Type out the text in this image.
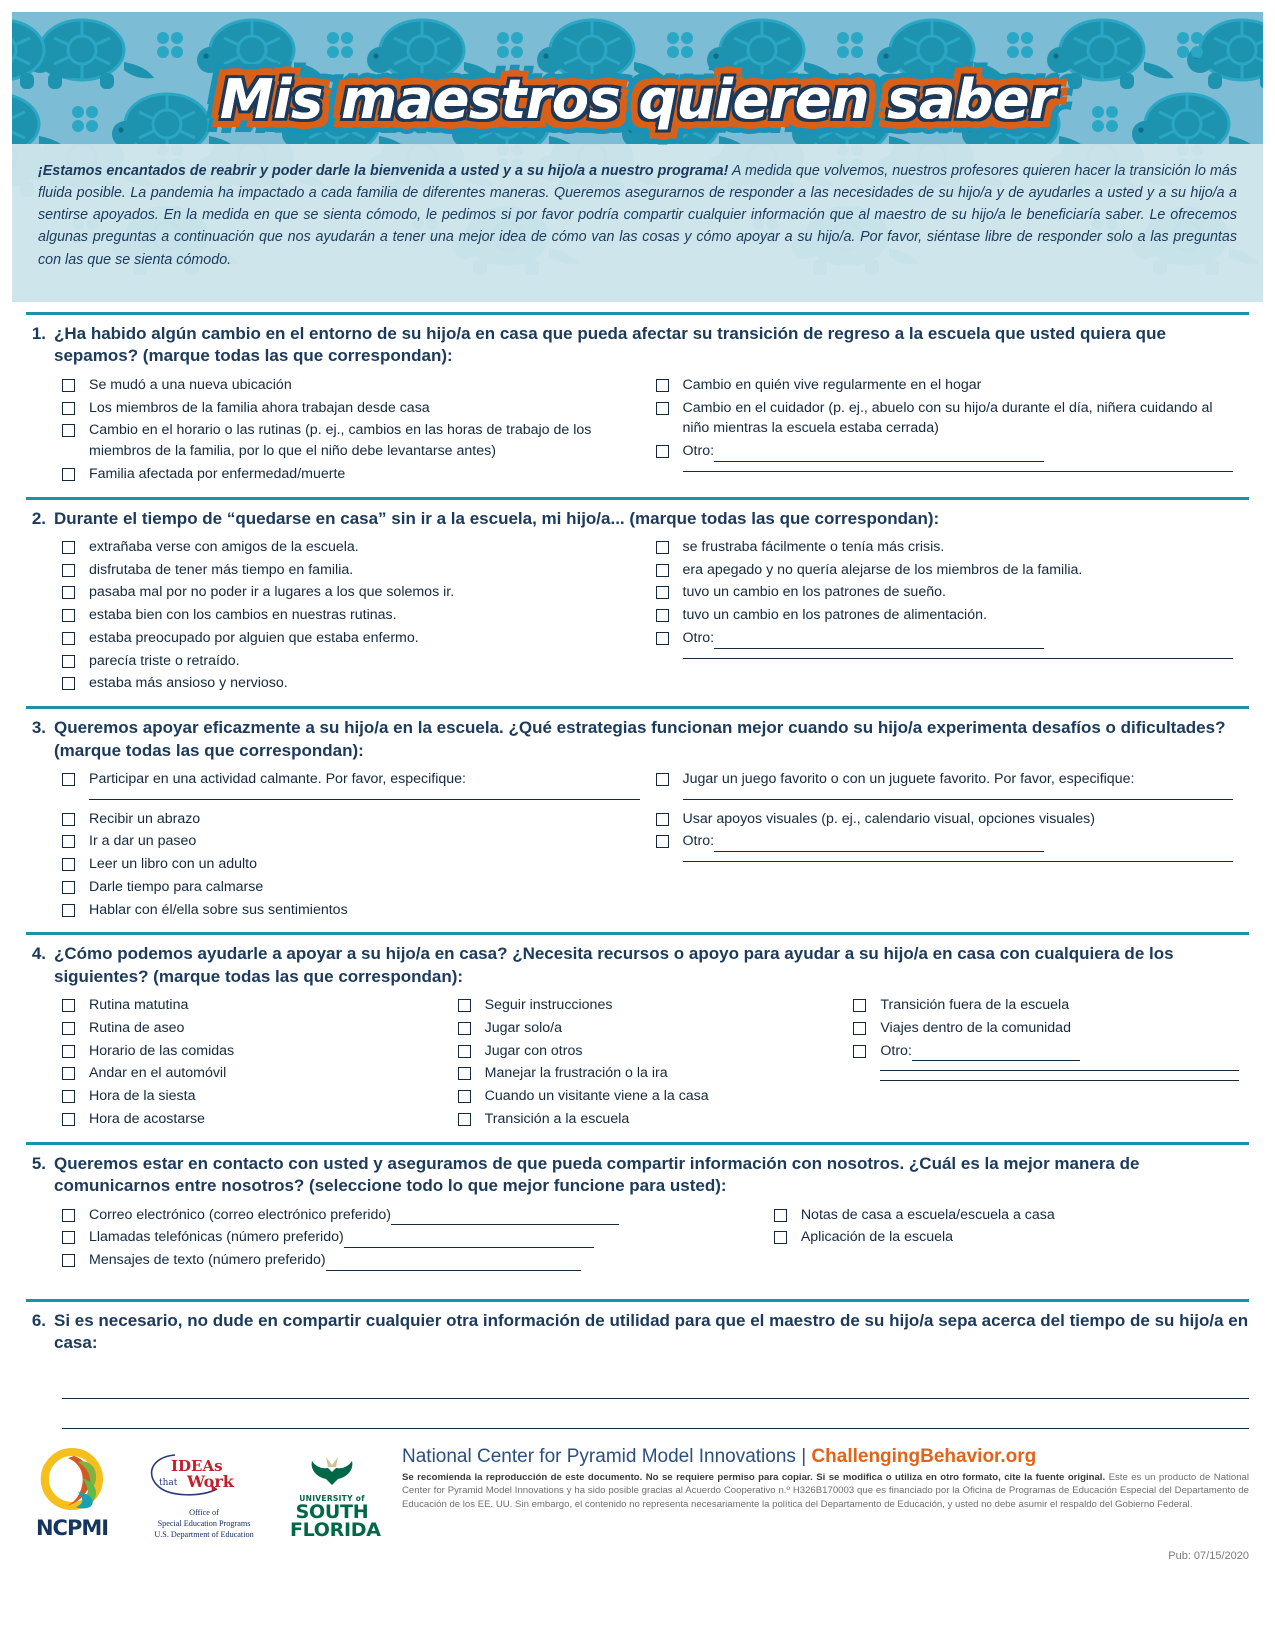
¡Estamos encantados de reabrir y poder darle la bienvenida a usted y a su hijo/a a nuestro programa! A medida que volvemos, nuestros profesores quieren hacer la transición lo más fluida posible. La pandemia ha impactado a cada familia de diferentes maneras. Queremos asegurarnos de responder a las necesidades de su hijo/a y de ayudarles a usted y a su hijo/a a sentirse apoyados. En la medida en que se sienta cómodo, le pedimos si por favor podría compartir cualquier información que al maestro de su hijo/a le beneficiaría saber. Le ofrecemos algunas preguntas a continuación que nos ayudarán a tener una mejor idea de cómo van las cosas y cómo apoyar a su hijo/a. Por favor, siéntase libre de responder solo a las preguntas con las que se sienta cómodo.
Mis maestros quieren saber
1. ¿Ha habido algún cambio en el entorno de su hijo/a en casa que pueda afectar su transición de regreso a la escuela que usted quiera que sepamos? (marque todas las que correspondan):
Se mudó a una nueva ubicación
Los miembros de la familia ahora trabajan desde casa
Cambio en el horario o las rutinas (p. ej., cambios en las horas de trabajo de los miembros de la familia, por lo que el niño debe levantarse antes)
Familia afectada por enfermedad/muerte
Cambio en quién vive regularmente en el hogar
Cambio en el cuidador (p. ej., abuelo con su hijo/a durante el día, niñera cuidando al niño mientras la escuela estaba cerrada)
Otro:
2. Durante el tiempo de “quedarse en casa” sin ir a la escuela, mi hijo/a... (marque todas las que correspondan):
extrañaba verse con amigos de la escuela.
disfrutaba de tener más tiempo en familia.
pasaba mal por no poder ir a lugares a los que solemos ir.
estaba bien con los cambios en nuestras rutinas.
estaba preocupado por alguien que estaba enfermo.
parecía triste o retraído.
estaba más ansioso y nervioso.
se frustraba fácilmente o tenía más crisis.
era apegado y no quería alejarse de los miembros de la familia.
tuvo un cambio en los patrones de sueño.
tuvo un cambio en los patrones de alimentación.
Otro:
3. Queremos apoyar eficazmente a su hijo/a en la escuela. ¿Qué estrategias funcionan mejor cuando su hijo/a experimenta desafíos o dificultades? (marque todas las que correspondan):
Participar en una actividad calmante. Por favor, especifique:
Recibir un abrazo
Ir a dar un paseo
Leer un libro con un adulto
Darle tiempo para calmarse
Hablar con él/ella sobre sus sentimientos
Jugar un juego favorito o con un juguete favorito. Por favor, especifique:
Usar apoyos visuales (p. ej., calendario visual, opciones visuales)
Otro:
4. ¿Cómo podemos ayudarle a apoyar a su hijo/a en casa? ¿Necesita recursos o apoyo para ayudar a su hijo/a en casa con cualquiera de los siguientes? (marque todas las que correspondan):
Rutina matutina
Rutina de aseo
Horario de las comidas
Andar en el automóvil
Hora de la siesta
Hora de acostarse
Seguir instrucciones
Jugar solo/a
Jugar con otros
Manejar la frustración o la ira
Cuando un visitante viene a la casa
Transición a la escuela
Transición fuera de la escuela
Viajes dentro de la comunidad
Otro:
5. Queremos estar en contacto con usted y aseguramos de que pueda compartir información con nosotros. ¿Cuál es la mejor manera de comunicarnos entre nosotros? (seleccione todo lo que mejor funcione para usted):
Correo electrónico (correo electrónico preferido)
Llamadas telefónicas (número preferido)
Mensajes de texto (número preferido)
Notas de casa a escuela/escuela a casa
Aplicación de la escuela
6. Si es necesario, no dude en compartir cualquier otra información de utilidad para que el maestro de su hijo/a sepa acerca del tiempo de su hijo/a en casa:
NCPMI
IDEAs
that Work
Office of
Special Education Programs
U.S. Department of Education
UNIVERSITY of
SOUTH
FLORIDA
National Center for Pyramid Model Innovations | ChallengingBehavior.org
Se recomienda la reproducción de este documento. No se requiere permiso para copiar. Si se modifica o utiliza en otro formato, cite la fuente original. Este es un producto de National Center for Pyramid Model Innovations y ha sido posible gracias al Acuerdo Cooperativo n.º H326B170003 que es financiado por la Oficina de Programas de Educación Especial del Departamento de Educación de los EE. UU. Sin embargo, el contenido no representa necesariamente la política del Departamento de Educación, y usted no debe asumir el respaldo del Gobierno Federal.
Pub: 07/15/2020
